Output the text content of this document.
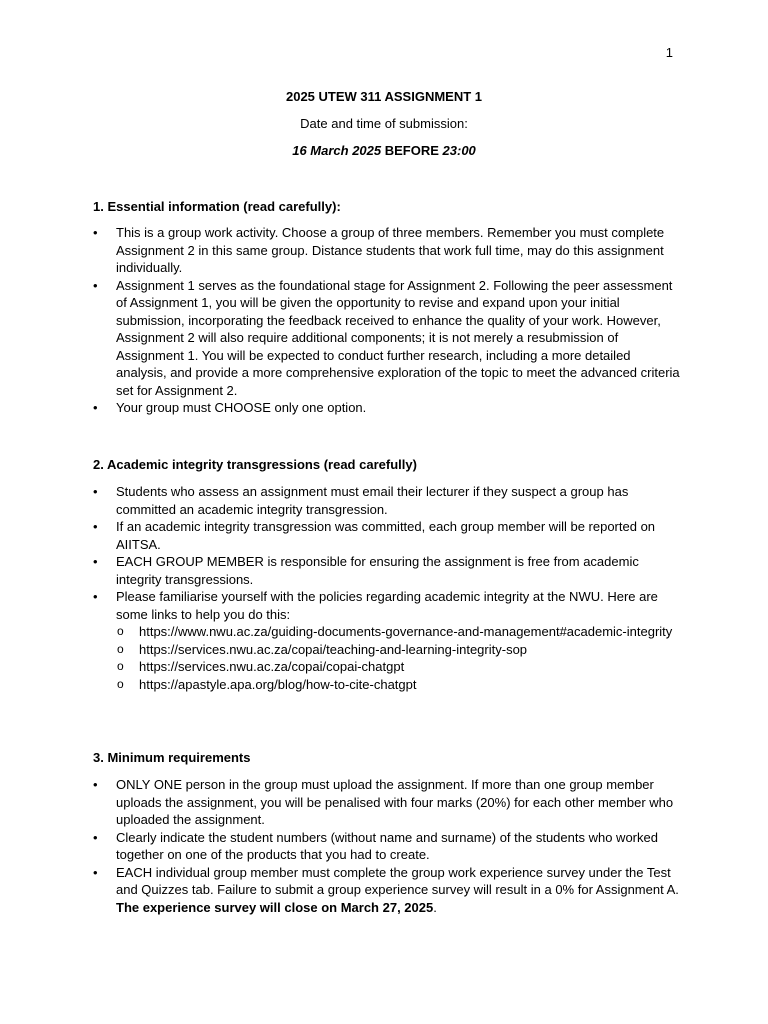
1

2025 UTEW 311 ASSIGNMENT 1

Date and time of submission:

16 March 2025 BEFORE 23:00

1. Essential information (read carefully):

• This is a group work activity. Choose a group of three members. Remember you must complete Assignment 2 in this same group. Distance students that work full time, may do this assignment individually.
• Assignment 1 serves as the foundational stage for Assignment 2. Following the peer assessment of Assignment 1, you will be given the opportunity to revise and expand upon your initial submission, incorporating the feedback received to enhance the quality of your work. However, Assignment 2 will also require additional components; it is not merely a resubmission of Assignment 1. You will be expected to conduct further research, including a more detailed analysis, and provide a more comprehensive exploration of the topic to meet the advanced criteria set for Assignment 2.
• Your group must CHOOSE only one option.

2. Academic integrity transgressions (read carefully)

• Students who assess an assignment must email their lecturer if they suspect a group has committed an academic integrity transgression.
• If an academic integrity transgression was committed, each group member will be reported on AIITSA.
• EACH GROUP MEMBER is responsible for ensuring the assignment is free from academic integrity transgressions.
• Please familiarise yourself with the policies regarding academic integrity at the NWU. Here are some links to help you do this:
o https://www.nwu.ac.za/guiding-documents-governance-and-management#academic-integrity
o https://services.nwu.ac.za/copai/teaching-and-learning-integrity-sop
o https://services.nwu.ac.za/copai/copai-chatgpt
o https://apastyle.apa.org/blog/how-to-cite-chatgpt

3. Minimum requirements

• ONLY ONE person in the group must upload the assignment. If more than one group member uploads the assignment, you will be penalised with four marks (20%) for each other member who uploaded the assignment.
• Clearly indicate the student numbers (without name and surname) of the students who worked together on one of the products that you had to create.
• EACH individual group member must complete the group work experience survey under the Test and Quizzes tab. Failure to submit a group experience survey will result in a 0% for Assignment A. The experience survey will close on March 27, 2025.
